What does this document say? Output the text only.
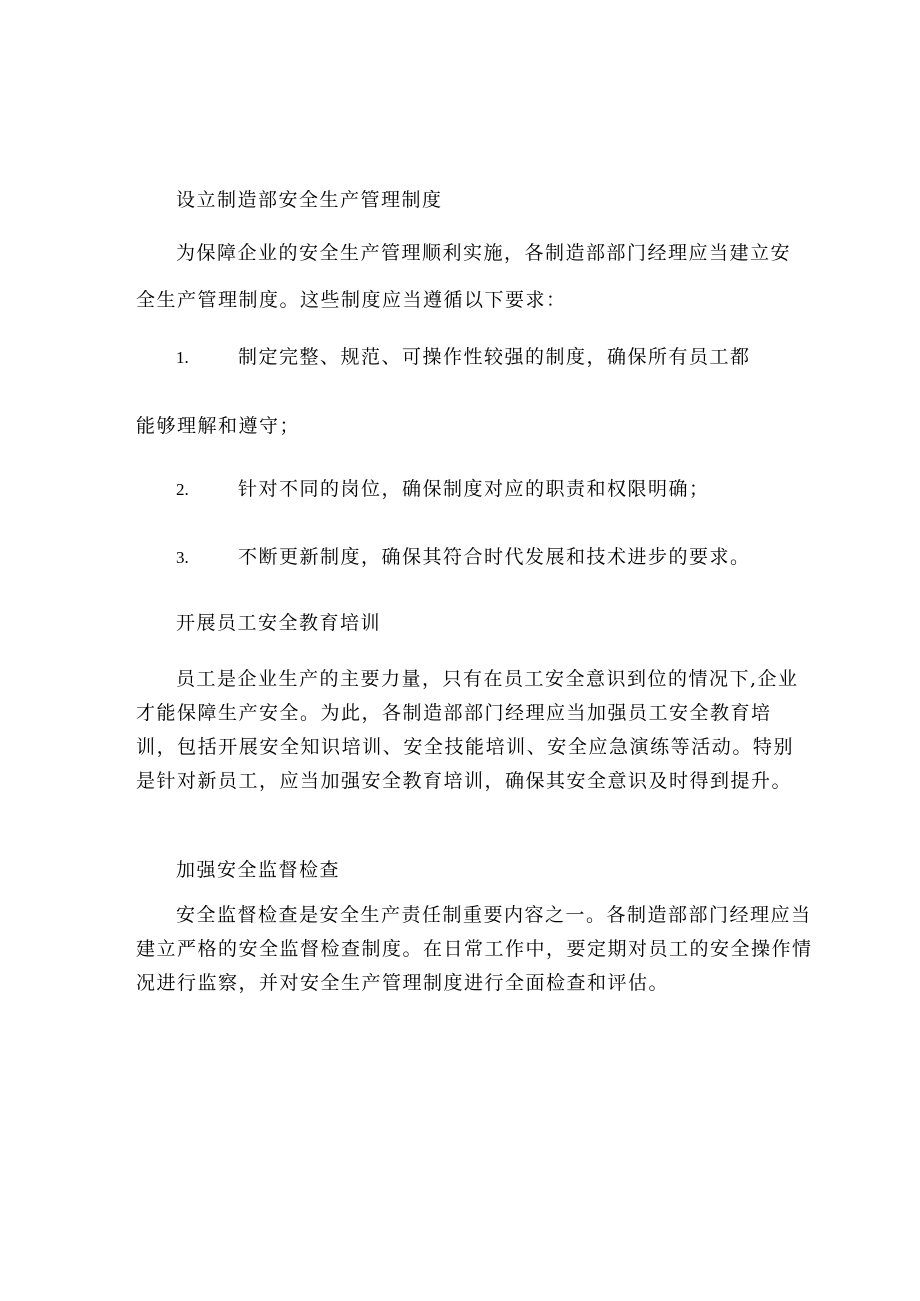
设立制造部安全生产管理制度
为保障企业的安全生产管理顺利实施，各制造部部门经理应当建立安
全生产管理制度。这些制度应当遵循以下要求：
1.	制定完整、规范、可操作性较强的制度，确保所有员工都
能够理解和遵守；
2.	针对不同的岗位，确保制度对应的职责和权限明确；
3.	不断更新制度，确保其符合时代发展和技术进步的要求。
开展员工安全教育培训
员工是企业生产的主要力量，只有在员工安全意识到位的情况下,企业
才能保障生产安全。为此，各制造部部门经理应当加强员工安全教育培
训，包括开展安全知识培训、安全技能培训、安全应急演练等活动。特别
是针对新员工，应当加强安全教育培训，确保其安全意识及时得到提升。
加强安全监督检查
安全监督检查是安全生产责任制重要内容之一。各制造部部门经理应当
建立严格的安全监督检查制度。在日常工作中，要定期对员工的安全操作情
况进行监察，并对安全生产管理制度进行全面检查和评估。
